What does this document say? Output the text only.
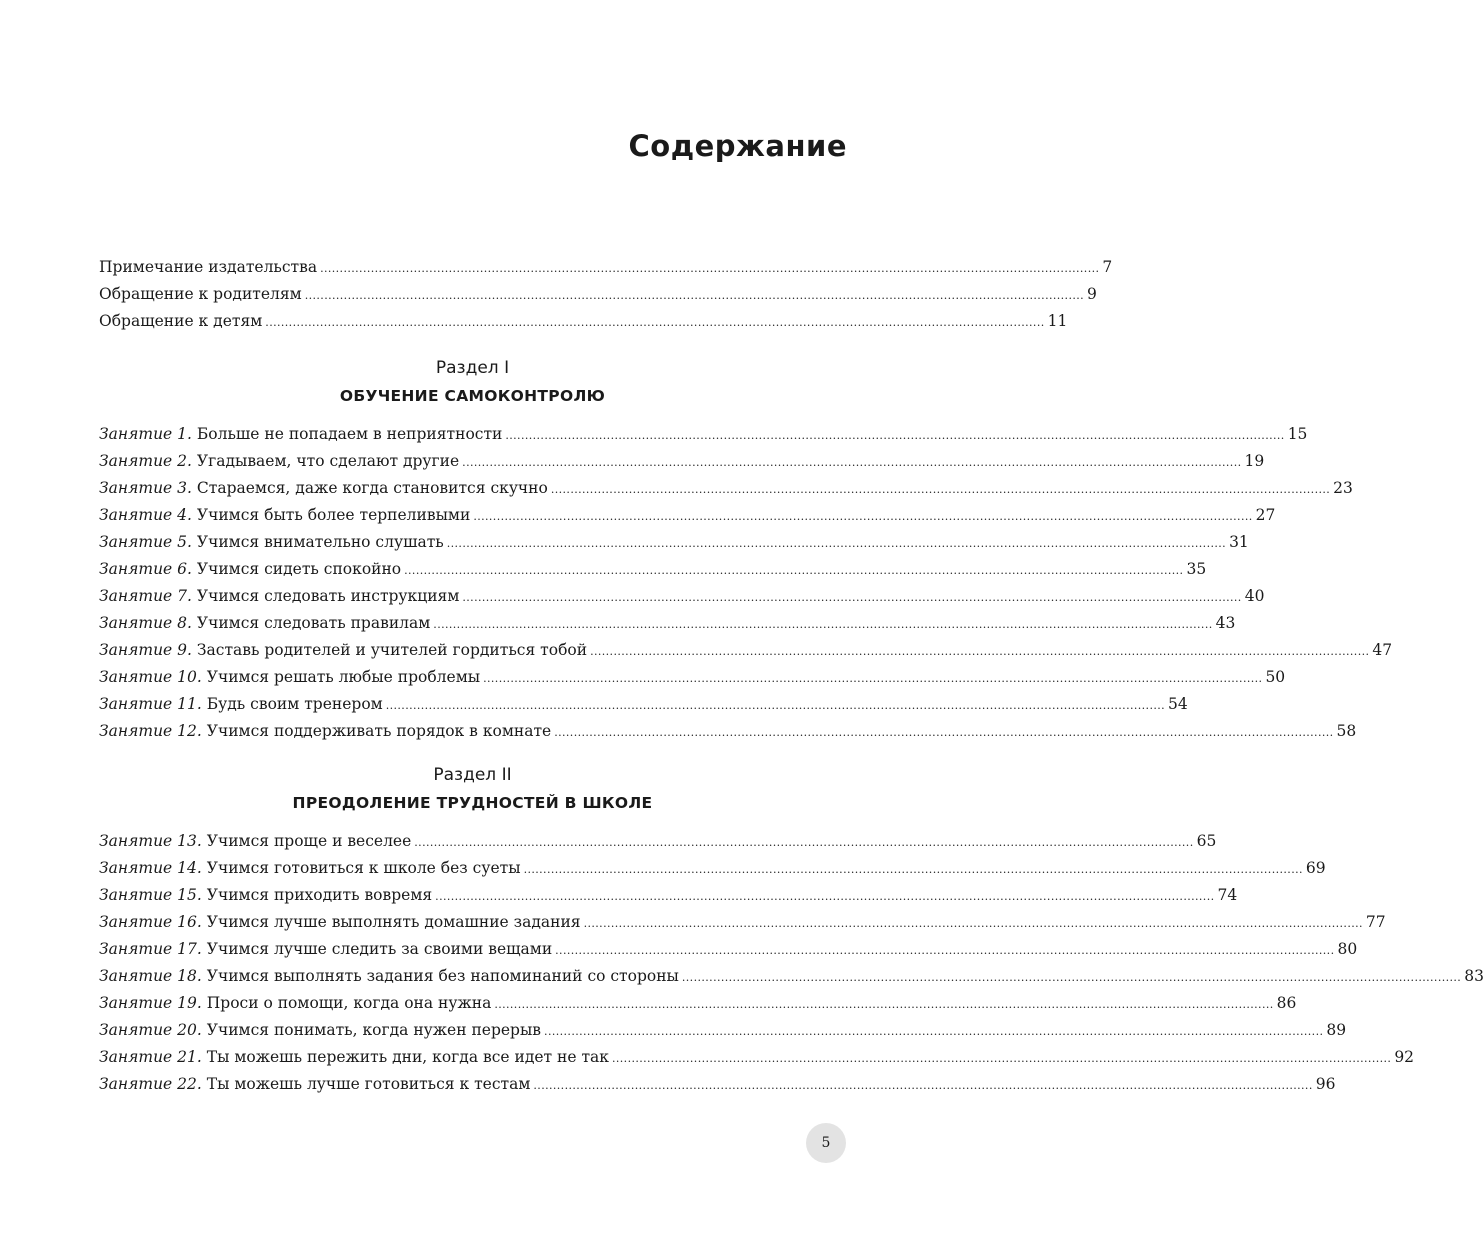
Содержание
Примечание издательства ........................................................................................................................................................................................................ 7
Обращение к родителям ........................................................................................................................................................................................................ 9
Обращение к детям ........................................................................................................................................................................................................ 11
Раздел I
ОБУЧЕНИЕ САМОКОНТРОЛЮ
Занятие 1. Больше не попадаем в неприятности ........................................................................................................................................................................................................ 15
Занятие 2. Угадываем, что сделают другие ........................................................................................................................................................................................................ 19
Занятие 3. Стараемся, даже когда становится скучно ........................................................................................................................................................................................................ 23
Занятие 4. Учимся быть более терпеливыми ........................................................................................................................................................................................................ 27
Занятие 5. Учимся внимательно слушать ........................................................................................................................................................................................................ 31
Занятие 6. Учимся сидеть спокойно ........................................................................................................................................................................................................ 35
Занятие 7. Учимся следовать инструкциям ........................................................................................................................................................................................................ 40
Занятие 8. Учимся следовать правилам ........................................................................................................................................................................................................ 43
Занятие 9. Заставь родителей и учителей гордиться тобой ........................................................................................................................................................................................................ 47
Занятие 10. Учимся решать любые проблемы ........................................................................................................................................................................................................ 50
Занятие 11. Будь своим тренером ........................................................................................................................................................................................................ 54
Занятие 12. Учимся поддерживать порядок в комнате ........................................................................................................................................................................................................ 58
Раздел II
ПРЕОДОЛЕНИЕ ТРУДНОСТЕЙ В ШКОЛЕ
Занятие 13. Учимся проще и веселее ........................................................................................................................................................................................................ 65
Занятие 14. Учимся готовиться к школе без суеты ........................................................................................................................................................................................................ 69
Занятие 15. Учимся приходить вовремя ........................................................................................................................................................................................................ 74
Занятие 16. Учимся лучше выполнять домашние задания ........................................................................................................................................................................................................ 77
Занятие 17. Учимся лучше следить за своими вещами ........................................................................................................................................................................................................ 80
Занятие 18. Учимся выполнять задания без напоминаний со стороны ........................................................................................................................................................................................................ 83
Занятие 19. Проси о помощи, когда она нужна ........................................................................................................................................................................................................ 86
Занятие 20. Учимся понимать, когда нужен перерыв ........................................................................................................................................................................................................ 89
Занятие 21. Ты можешь пережить дни, когда все идет не так ........................................................................................................................................................................................................ 92
Занятие 22. Ты можешь лучше готовиться к тестам ........................................................................................................................................................................................................ 96
5
